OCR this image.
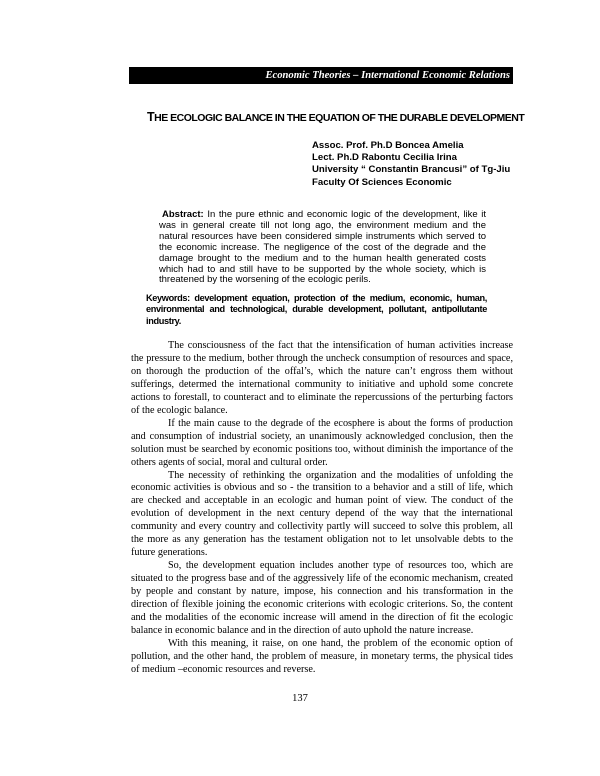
Economic Theories – International Economic Relations
THE ECOLOGIC BALANCE IN THE EQUATION OF THE DURABLE DEVELOPMENT
Assoc. Prof. Ph.D Boncea Amelia
Lect. Ph.D Rabontu Cecilia Irina
University “ Constantin Brancusi” of Tg-Jiu
Faculty Of Sciences Economic
Abstract: In the pure ethnic and economic logic of the development, like it was in general create till not long ago, the environment medium and the natural resources have been considered simple instruments which served to the economic increase. The negligence of the cost of the degrade and the damage brought to the medium and to the human health generated costs which had to and still have to be supported by the whole society, which is threatened by the worsening of the ecologic perils.
Keywords: development equation, protection of the medium, economic, human, environmental and technological, durable development, pollutant, antipollutante industry.

The consciousness of the fact that the intensification of human activities increase the pressure to the medium, bother through the uncheck consumption of resources and space, on thorough the production of the offal’s, which the nature can’t engross them without sufferings, determed the international community to initiative and uphold some concrete actions to forestall, to counteract and to eliminate the repercussions of the perturbing factors of the ecologic balance.

If the main cause to the degrade of the ecosphere is about the forms of production and consumption of industrial society, an unanimously acknowledged conclusion, then the solution must be searched by economic positions too, without diminish the importance of the others agents of social, moral and cultural order.

The necessity of rethinking the organization and the modalities of unfolding the economic activities is obvious and so - the transition to a behavior and a still of life, which are checked and acceptable in an ecologic and human point of view. The conduct of the evolution of development in the next century depend of the way that the international community and every country and collectivity partly will succeed to solve this problem, all the more as any generation has the testament obligation not to let unsolvable debts to the future generations.

So, the development equation includes another type of resources too, which are situated to the progress base and of the aggressively life of the economic mechanism, created by people and constant by nature, impose, his connection and his transformation in the direction of flexible joining the economic criterions with ecologic criterions. So, the content and the modalities of the economic increase will amend in the direction of fit the ecologic balance in economic balance and in the direction of auto uphold the nature increase.

With this meaning, it raise, on one hand, the problem of the economic option of pollution, and the other hand, the problem of measure, in monetary terms, the physical tides of medium –economic resources and reverse.

137
